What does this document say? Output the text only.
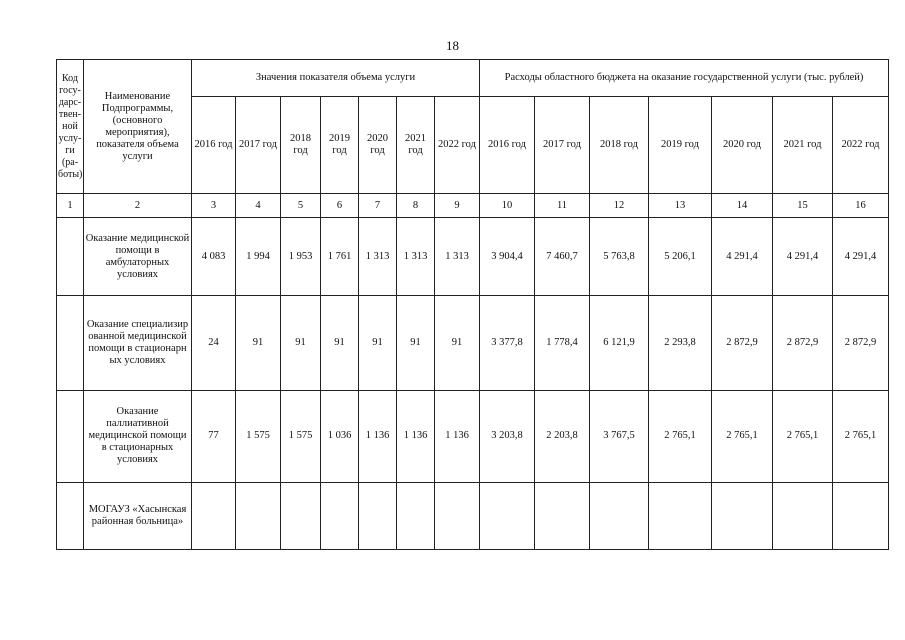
18
Код госу-дарс-твен-ной услу-ги (ра-боты)	Наименование Подпрограммы, (основного мероприятия), показателя объема услуги	Значения показателя объема услуги							Расходы областного бюджета на оказание государственной услуги (тыс. рублей)						
		2016 год	2017 год	2018 год	2019 год	2020 год	2021 год	2022 год	2016 год	2017 год	2018 год	2019 год	2020 год	2021 год	2022 год
1	2	3	4	5	6	7	8	9	10	11	12	13	14	15	16
	Оказание медицинской помощи в амбулаторных условиях	4 083	1 994	1 953	1 761	1 313	1 313	1 313	3 904,4	7 460,7	5 763,8	5 206,1	4 291,4	4 291,4	4 291,4
	Оказание специализированной медицинской помощи в стационарных условиях	24	91	91	91	91	91	91	3 377,8	1 778,4	6 121,9	2 293,8	2 872,9	2 872,9	2 872,9
	Оказание паллиативной медицинской помощи в стационарных условиях	77	1 575	1 575	1 036	1 136	1 136	1 136	3 203,8	2 203,8	3 767,5	2 765,1	2 765,1	2 765,1	2 765,1
	МОГАУЗ «Хасынская районная больница»														
